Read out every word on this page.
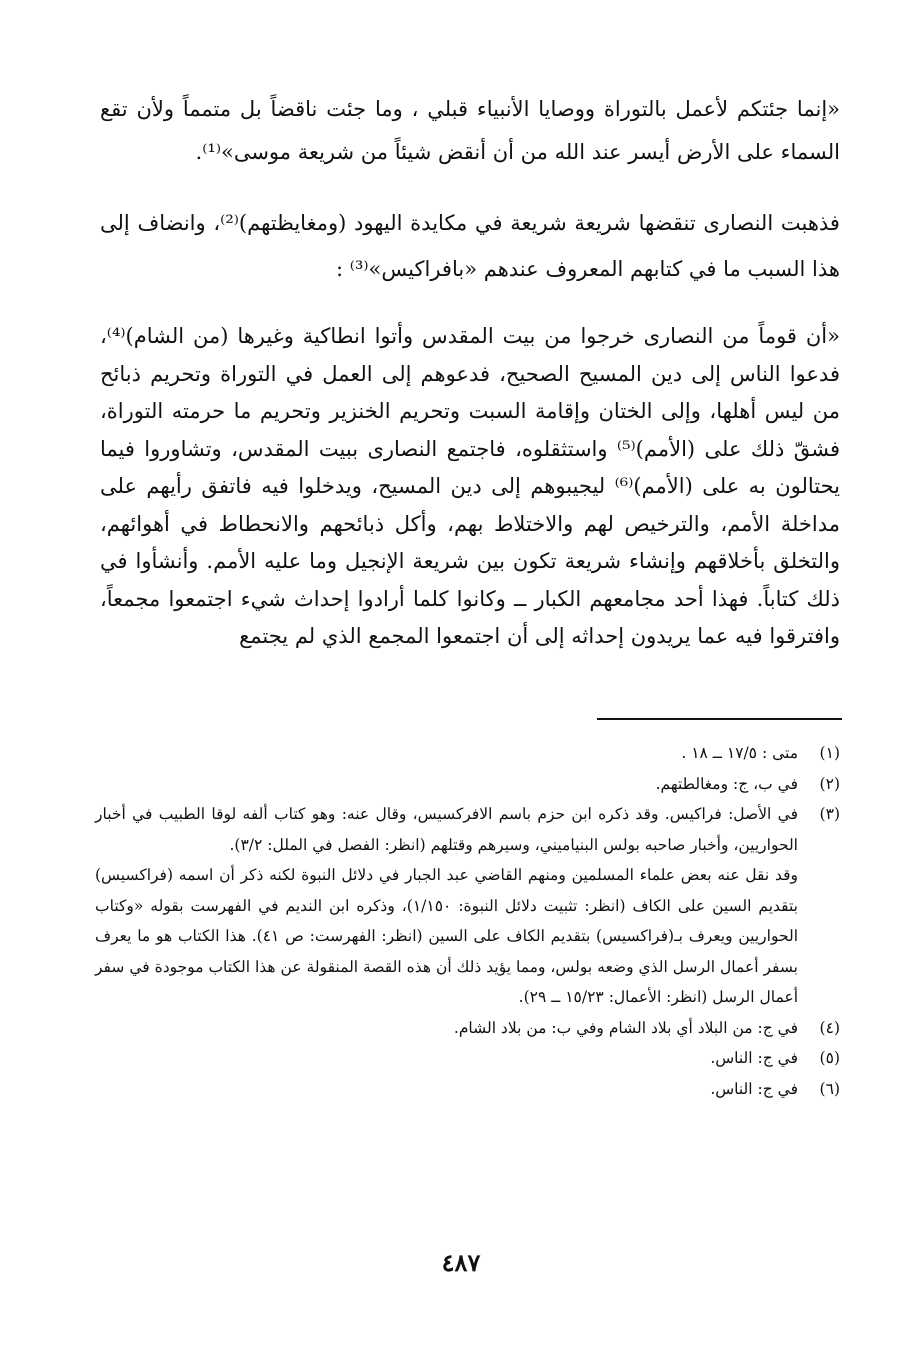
«إنما جئتكم لأعمل بالتوراة ووصايا الأنبياء قبلي ، وما جئت ناقضاً بل متمماً ولأن تقع السماء على الأرض أيسر عند الله من أن أنقض شيئاً من شريعة موسى»⁽¹⁾.

فذهبت النصارى تنقضها شريعة شريعة في مكايدة اليهود (ومغايظتهم)⁽²⁾، وانضاف إلى هذا السبب ما في كتابهم المعروف عندهم «بافراكيس»⁽³⁾ :

«أن قوماً من النصارى خرجوا من بيت المقدس وأتوا انطاكية وغيرها (من الشام)⁽⁴⁾، فدعوا الناس إلى دين المسيح الصحيح، فدعوهم إلى العمل في التوراة وتحريم ذبائح من ليس أهلها، وإلى الختان وإقامة السبت وتحريم الخنزير وتحريم ما حرمته التوراة، فشقّ ذلك على (الأمم)⁽⁵⁾ واستثقلوه، فاجتمع النصارى ببيت المقدس، وتشاوروا فيما يحتالون به على (الأمم)⁽⁶⁾ ليجيبوهم إلى دين المسيح، ويدخلوا فيه فاتفق رأيهم على مداخلة الأمم، والترخيص لهم والاختلاط بهم، وأكل ذبائحهم والانحطاط في أهوائهم، والتخلق بأخلاقهم وإنشاء شريعة تكون بين شريعة الإنجيل وما عليه الأمم. وأنشأوا في ذلك كتاباً. فهذا أحد مجامعهم الكبار ــ وكانوا كلما أرادوا إحداث شيء اجتمعوا مجمعاً، وافترقوا فيه عما يريدون إحداثه إلى أن اجتمعوا المجمع الذي لم يجتمع

(١)
متى : ١٧/٥ ــ ١٨ .
(٢)
في ب، ج: ومغالطتهم.
(٣)
في الأصل: فراكيس. وقد ذكره ابن حزم باسم الافركسيس، وقال عنه: وهو كتاب ألفه لوقا الطبيب في أخبار الحواريين، وأخبار صاحبه بولس البنياميني، وسيرهم وقتلهم (انظر: الفصل في الملل: ٣/٢).
وقد نقل عنه بعض علماء المسلمين ومنهم القاضي عبد الجبار في دلائل النبوة لكنه ذكر أن اسمه (فراكسيس) بتقديم السين على الكاف (انظر: تثبيت دلائل النبوة: ١/١٥٠)، وذكره ابن النديم في الفهرست بقوله «وكتاب الحواريين ويعرف بـ(فراكسيس) بتقديم الكاف على السين (انظر: الفهرست: ص ٤١). هذا الكتاب هو ما يعرف بسفر أعمال الرسل الذي وضعه بولس، ومما يؤيد ذلك أن هذه القصة المنقولة عن هذا الكتاب موجودة في سفر أعمال الرسل (انظر: الأعمال: ١٥/٢٣ ــ ٢٩).
(٤)
في ج: من البلاد أي بلاد الشام وفي ب: من بلاد الشام.
(٥)
في ج: الناس.
(٦)
في ج: الناس.
٤٨٧
